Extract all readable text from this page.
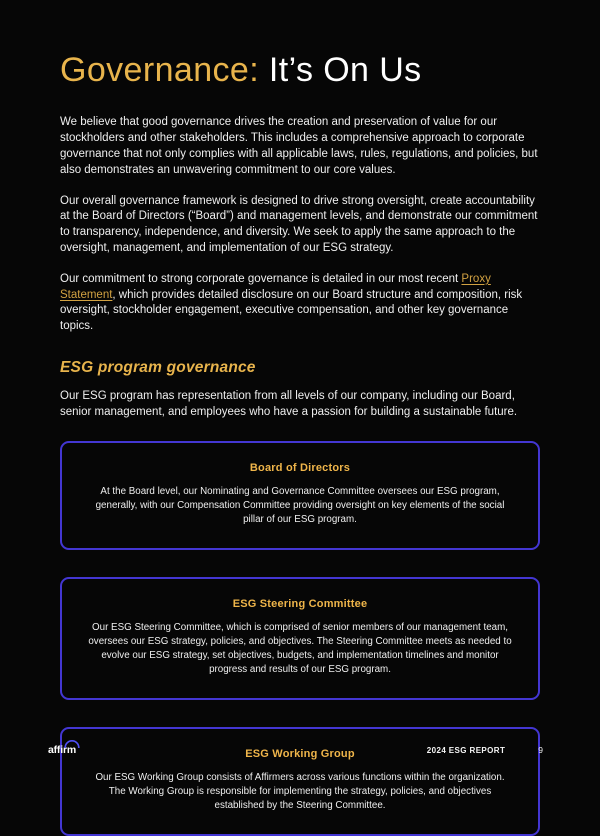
Governance: It’s On Us

We believe that good governance drives the creation and preservation of value for our stockholders and other stakeholders. This includes a comprehensive approach to corporate governance that not only complies with all applicable laws, rules, regulations, and policies, but also demonstrates an unwavering commitment to our core values.

Our overall governance framework is designed to drive strong oversight, create accountability at the Board of Directors (“Board”) and management levels, and demonstrate our commitment to transparency, independence, and diversity. We seek to apply the same approach to the oversight, management, and implementation of our ESG strategy.

Our commitment to strong corporate governance is detailed in our most recent Proxy Statement, which provides detailed disclosure on our Board structure and composition, risk oversight, stockholder engagement, executive compensation, and other key governance topics.

ESG program governance

Our ESG program has representation from all levels of our company, including our Board, senior management, and employees who have a passion for building a sustainable future.

Board of Directors
At the Board level, our Nominating and Governance Committee oversees our ESG program, generally, with our Compensation Committee providing oversight on key elements of the social pillar of our ESG program.
ESG Steering Committee
Our ESG Steering Committee, which is comprised of senior members of our management team, oversees our ESG strategy, policies, and objectives. The Steering Committee meets as needed to evolve our ESG strategy, set objectives, budgets, and implementation timelines and monitor progress and results of our ESG program.
ESG Working Group
Our ESG Working Group consists of Affirmers across various functions within the organization. The Working Group is responsible for implementing the strategy, policies, and objectives established by the Steering Committee.
affirm	2024 ESG REPORT	9
